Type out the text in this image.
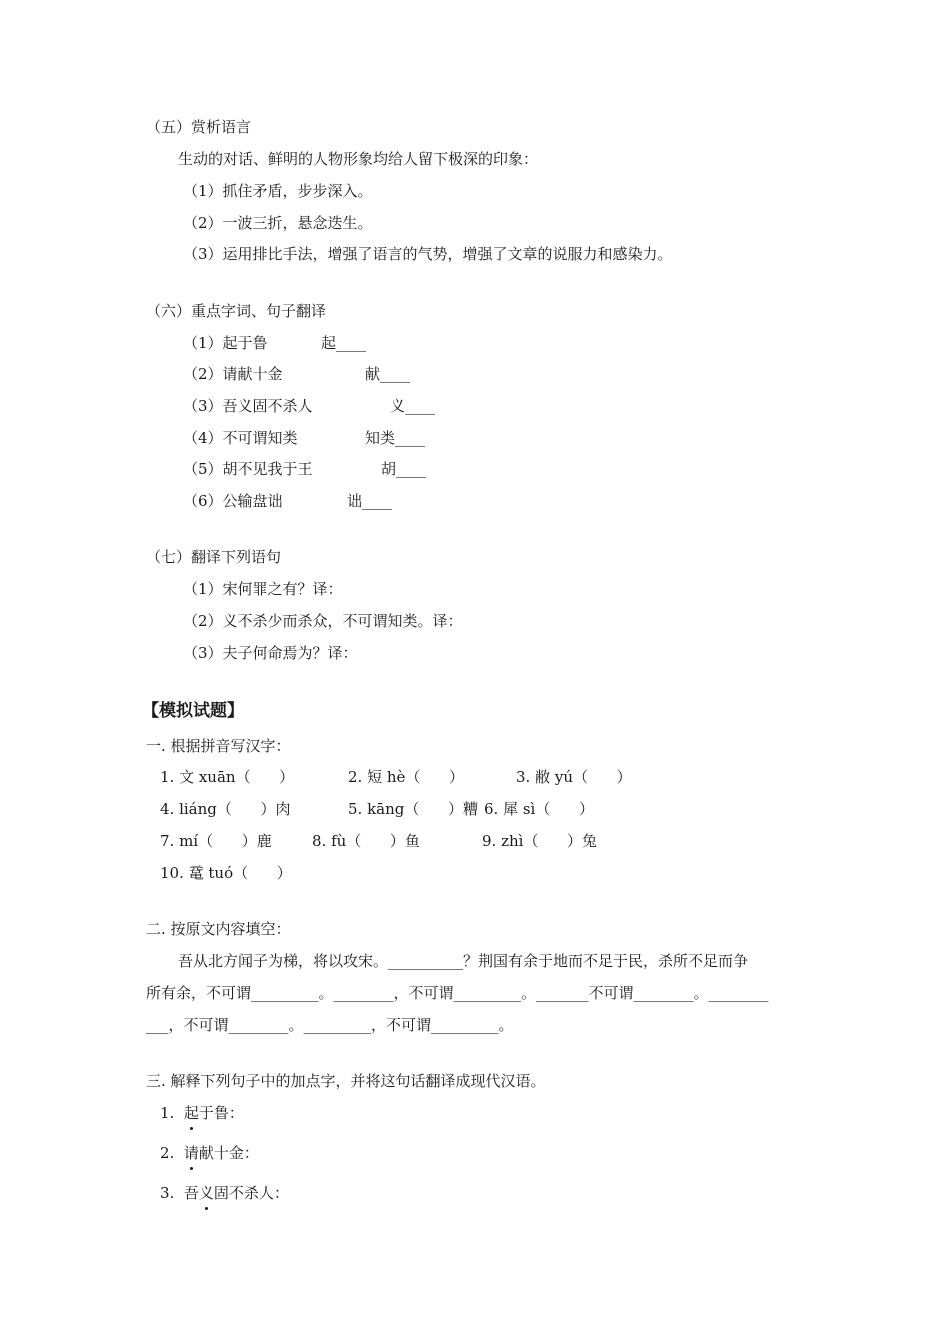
（五）赏析语言
生动的对话、鲜明的人物形象均给人留下极深的印象：
（1）抓住矛盾，步步深入。
（2）一波三折，悬念迭生。
（3）运用排比手法，增强了语言的气势，增强了文章的说服力和感染力。
（六）重点字词、句子翻译
（1）起于鲁	起____
（2）请献十金	献____
（3）吾义固不杀人	义____
（4）不可谓知类	知类____
（5）胡不见我于王	胡____
（6）公输盘诎	诎____
（七）翻译下列语句
（1）宋何罪之有？译：
（2）义不杀少而杀众，不可谓知类。译：
（3）夫子何命焉为？译：
【模拟试题】
一. 根据拼音写汉字：
1. 文 xuān（      ）	2. 短 hè（      ）	3. 敝 yú（      ）
4. liáng（      ）肉	5. kāng（      ）糟 6. 犀 sì（      ）
7. mí（      ）鹿	8. fù（      ）鱼	9. zhì（      ）兔
10. 鼋 tuó（      ）
二. 按原文内容填空：
吾从北方闻子为梯，将以攻宋。__________？荆国有余于地而不足于民，杀所不足而争
所有余，不可谓_________。________，不可谓_________。_______不可谓________。________
___，不可谓________。_________，不可谓_________。
三. 解释下列句子中的加点字，并将这句话翻译成现代汉语。
1. 起于鲁：
2. 请献十金：
3. 吾义固不杀人：
